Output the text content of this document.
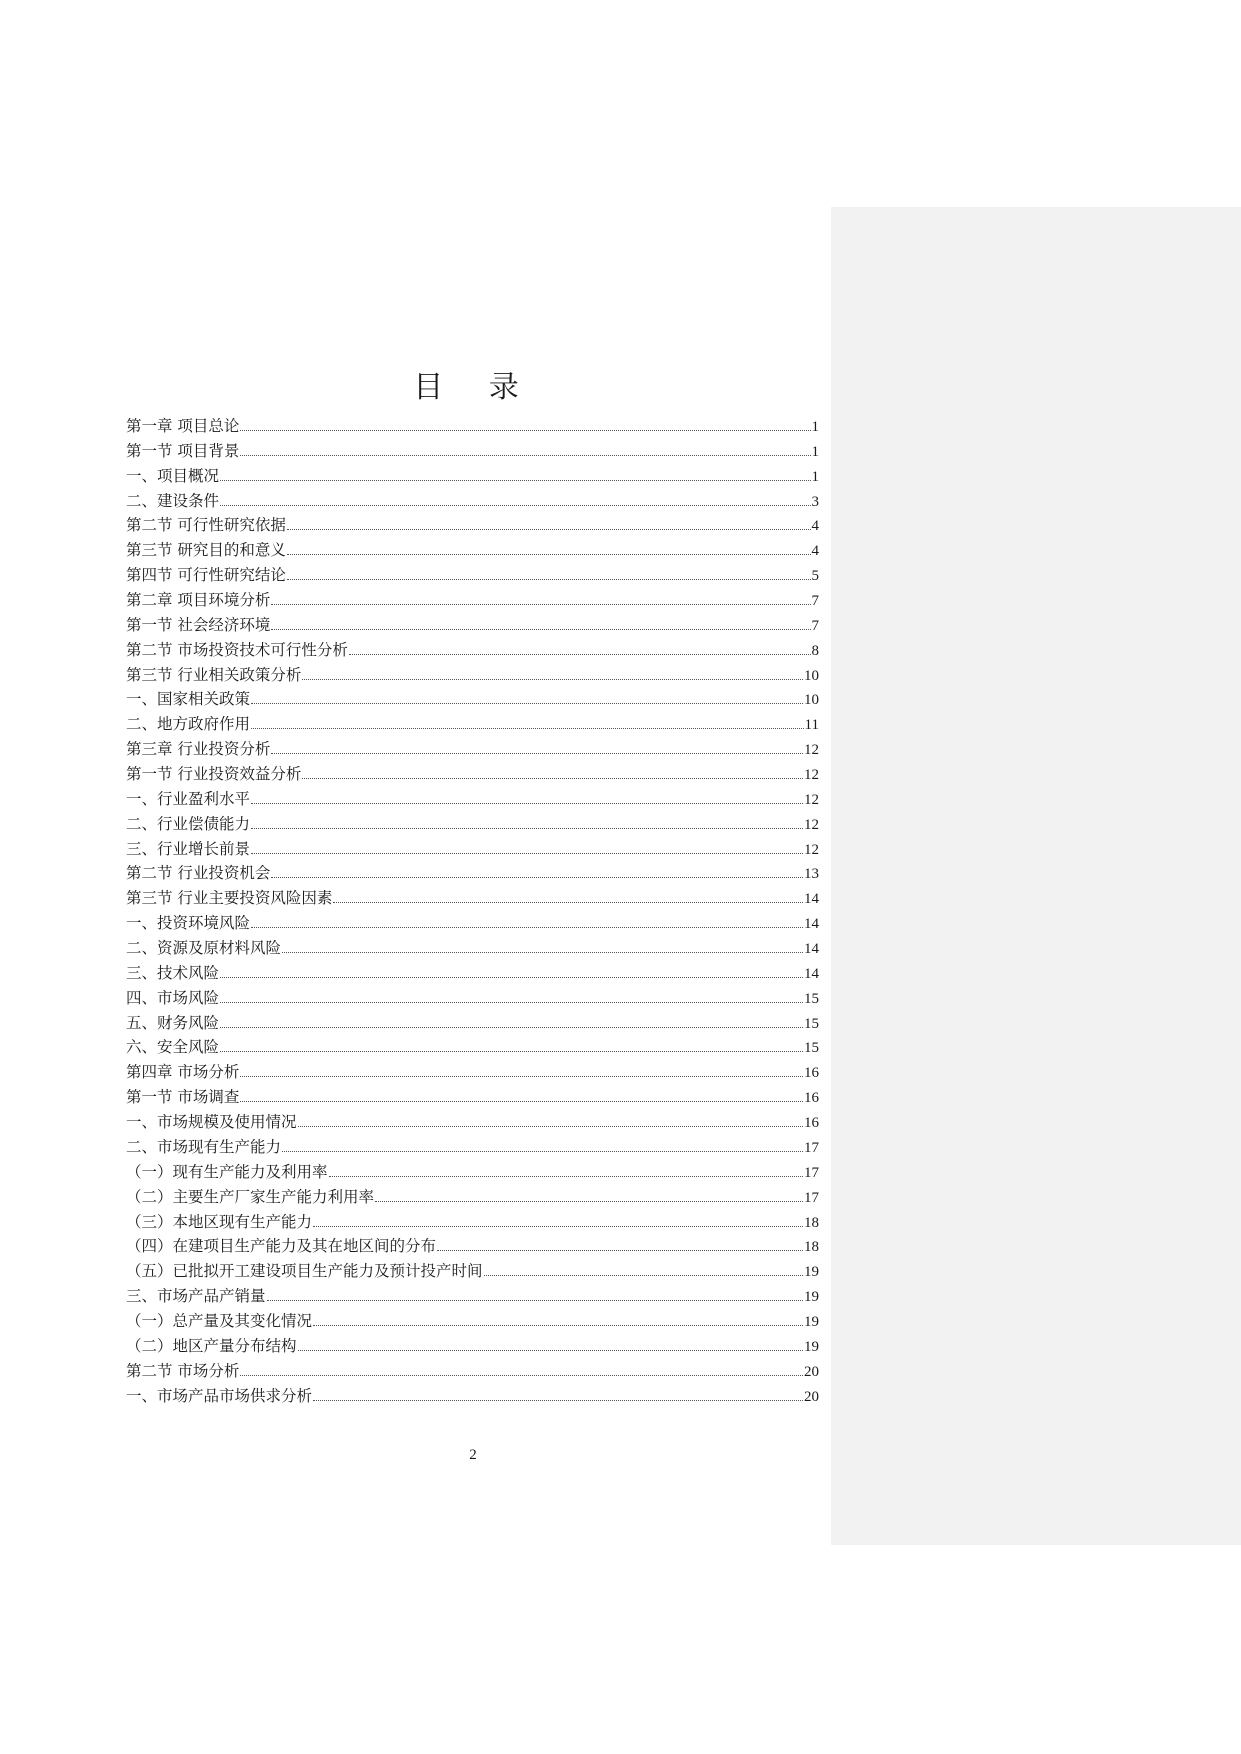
目 录
第一章 项目总论	1
第一节 项目背景	1
一、项目概况	1
二、建设条件	3
第二节 可行性研究依据	4
第三节 研究目的和意义	4
第四节 可行性研究结论	5
第二章 项目环境分析	7
第一节 社会经济环境	7
第二节 市场投资技术可行性分析	8
第三节 行业相关政策分析	10
一、国家相关政策	10
二、地方政府作用	11
第三章 行业投资分析	12
第一节 行业投资效益分析	12
一、行业盈利水平	12
二、行业偿债能力	12
三、行业增长前景	12
第二节 行业投资机会	13
第三节 行业主要投资风险因素	14
一、投资环境风险	14
二、资源及原材料风险	14
三、技术风险	14
四、市场风险	15
五、财务风险	15
六、安全风险	15
第四章 市场分析	16
第一节 市场调查	16
一、市场规模及使用情况	16
二、市场现有生产能力	17
（一）现有生产能力及利用率	17
（二）主要生产厂家生产能力利用率	17
（三）本地区现有生产能力	18
（四）在建项目生产能力及其在地区间的分布	18
（五）已批拟开工建设项目生产能力及预计投产时间	19
三、市场产品产销量	19
（一）总产量及其变化情况	19
（二）地区产量分布结构	19
第二节 市场分析	20
一、市场产品市场供求分析	20
2
